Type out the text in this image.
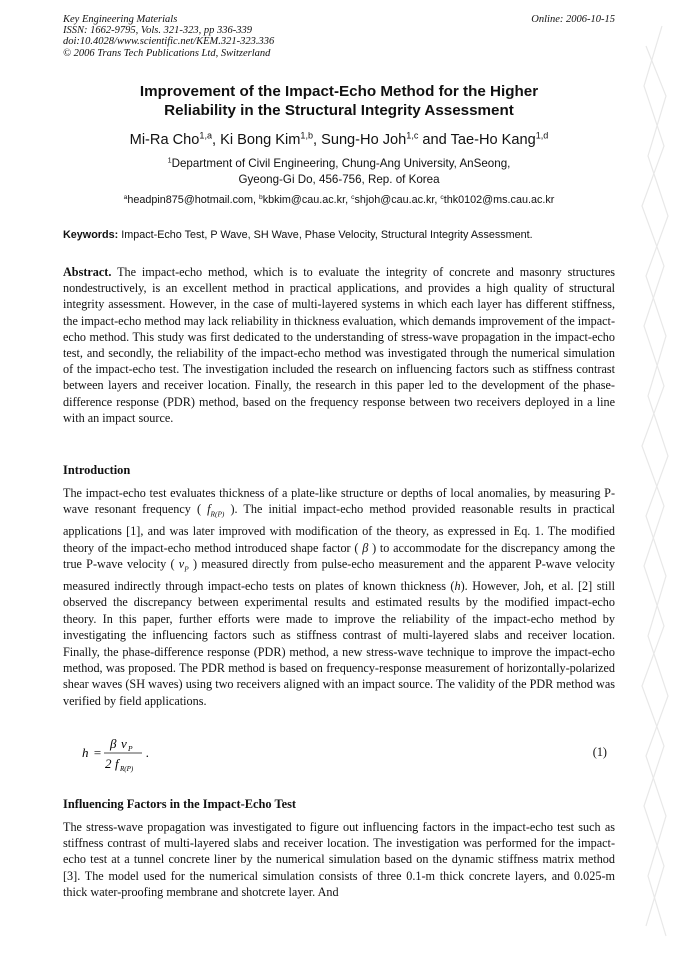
Key Engineering Materials
ISSN: 1662-9795, Vols. 321-323, pp 336-339
doi:10.4028/www.scientific.net/KEM.321-323.336
© 2006 Trans Tech Publications Ltd, Switzerland
Online: 2006-10-15
Improvement of the Impact-Echo Method for the Higher
Reliability in the Structural Integrity Assessment
Mi-Ra Cho$^{1,a}$, Ki Bong Kim$^{1,b}$, Sung-Ho Joh$^{1,c}$ and Tae-Ho Kang$^{1,d}$
$^1$Department of Civil Engineering, Chung-Ang University, AnSeong,
Gyeong-Gi Do, 456-756, Rep. of Korea
$^a$headpin875@hotmail.com, $^b$kbkim@cau.ac.kr, $^c$shjoh@cau.ac.kr, $^c$thk0102@ms.cau.ac.kr
Keywords: Impact-Echo Test, P Wave, SH Wave, Phase Velocity, Structural Integrity Assessment.
Abstract. The impact-echo method, which is to evaluate the integrity of concrete and masonry structures nondestructively, is an excellent method in practical applications, and provides a high quality of structural integrity assessment. However, in the case of multi-layered systems in which each layer has different stiffness, the impact-echo method may lack reliability in thickness evaluation, which demands improvement of the impact-echo method. This study was first dedicated to the understanding of stress-wave propagation in the impact-echo test, and secondly, the reliability of the impact-echo method was investigated through the numerical simulation of the impact-echo test. The investigation included the research on influencing factors such as stiffness contrast between layers and receiver location. Finally, the research in this paper led to the development of the phase-difference response (PDR) method, based on the frequency response between two receivers deployed in a line with an impact source.
Introduction
The impact-echo test evaluates thickness of a plate-like structure or depths of local anomalies, by measuring P-wave resonant frequency ( $f_{R(P)}$ ). The initial impact-echo method provided reasonable results in practical applications [1], and was later improved with modification of the theory, as expressed in Eq. 1. The modified theory of the impact-echo method introduced shape factor ( β ) to accommodate for the discrepancy among the true P-wave velocity ( $v_P$ ) measured directly from pulse-echo measurement and the apparent P-wave velocity measured indirectly through impact-echo tests on plates of known thickness (h). However, Joh, et al. [2] still observed the discrepancy between experimental results and estimated results by the modified impact-echo theory. In this paper, further efforts were made to improve the reliability of the impact-echo method by investigating the influencing factors such as stiffness contrast of multi-layered slabs and receiver location. Finally, the phase-difference response (PDR) method, a new stress-wave technique to improve the impact-echo method, was proposed. The PDR method is based on frequency-response measurement of horizontally-polarized shear waves (SH waves) using two receivers aligned with an impact source. The validity of the PDR method was verified by field applications.
h =
β v P
2 f R(P)
.	(1)
Influencing Factors in the Impact-Echo Test
The stress-wave propagation was investigated to figure out influencing factors in the impact-echo test such as stiffness contrast of multi-layered slabs and receiver location. The investigation was performed for the impact-echo test at a tunnel concrete liner by the numerical simulation based on the dynamic stiffness matrix method [3]. The model used for the numerical simulation consists of three 0.1-m thick concrete layers, and 0.025-m thick water-proofing membrane and shotcrete layer. And
